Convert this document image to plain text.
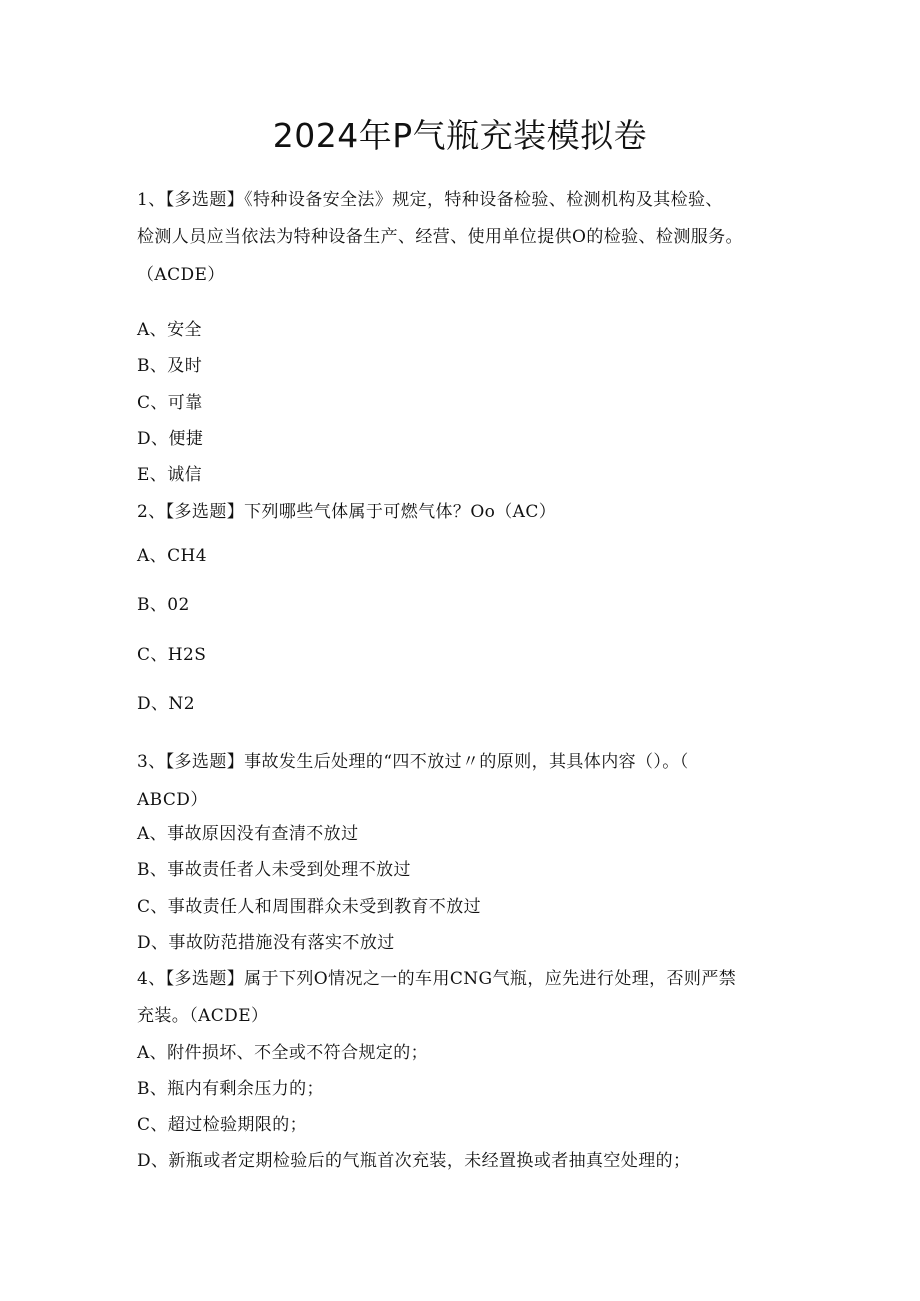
2024年P气瓶充装模拟卷
1、【多选题】《特种设备安全法》规定，特种设备检验、检测机构及其检验、
检测人员应当依法为特种设备生产、经营、使用单位提供O的检验、检测服务。
（ACDE）
A、安全
B、及时
C、可靠
D、便捷
E、诚信
2、【多选题】下列哪些气体属于可燃气体？Oo（AC）
A、CH4
B、02
C、H2S
D、N2
3、【多选题】事故发生后处理的“四不放过〃的原则，其具体内容（）。（
ABCD）
A、事故原因没有查清不放过
B、事故责任者人未受到处理不放过
C、事故责任人和周围群众未受到教育不放过
D、事故防范措施没有落实不放过
4、【多选题】属于下列O情况之一的车用CNG气瓶，应先进行处理，否则严禁
充装。（ACDE）
A、附件损坏、不全或不符合规定的；
B、瓶内有剩余压力的；
C、超过检验期限的；
D、新瓶或者定期检验后的气瓶首次充装，未经置换或者抽真空处理的；
